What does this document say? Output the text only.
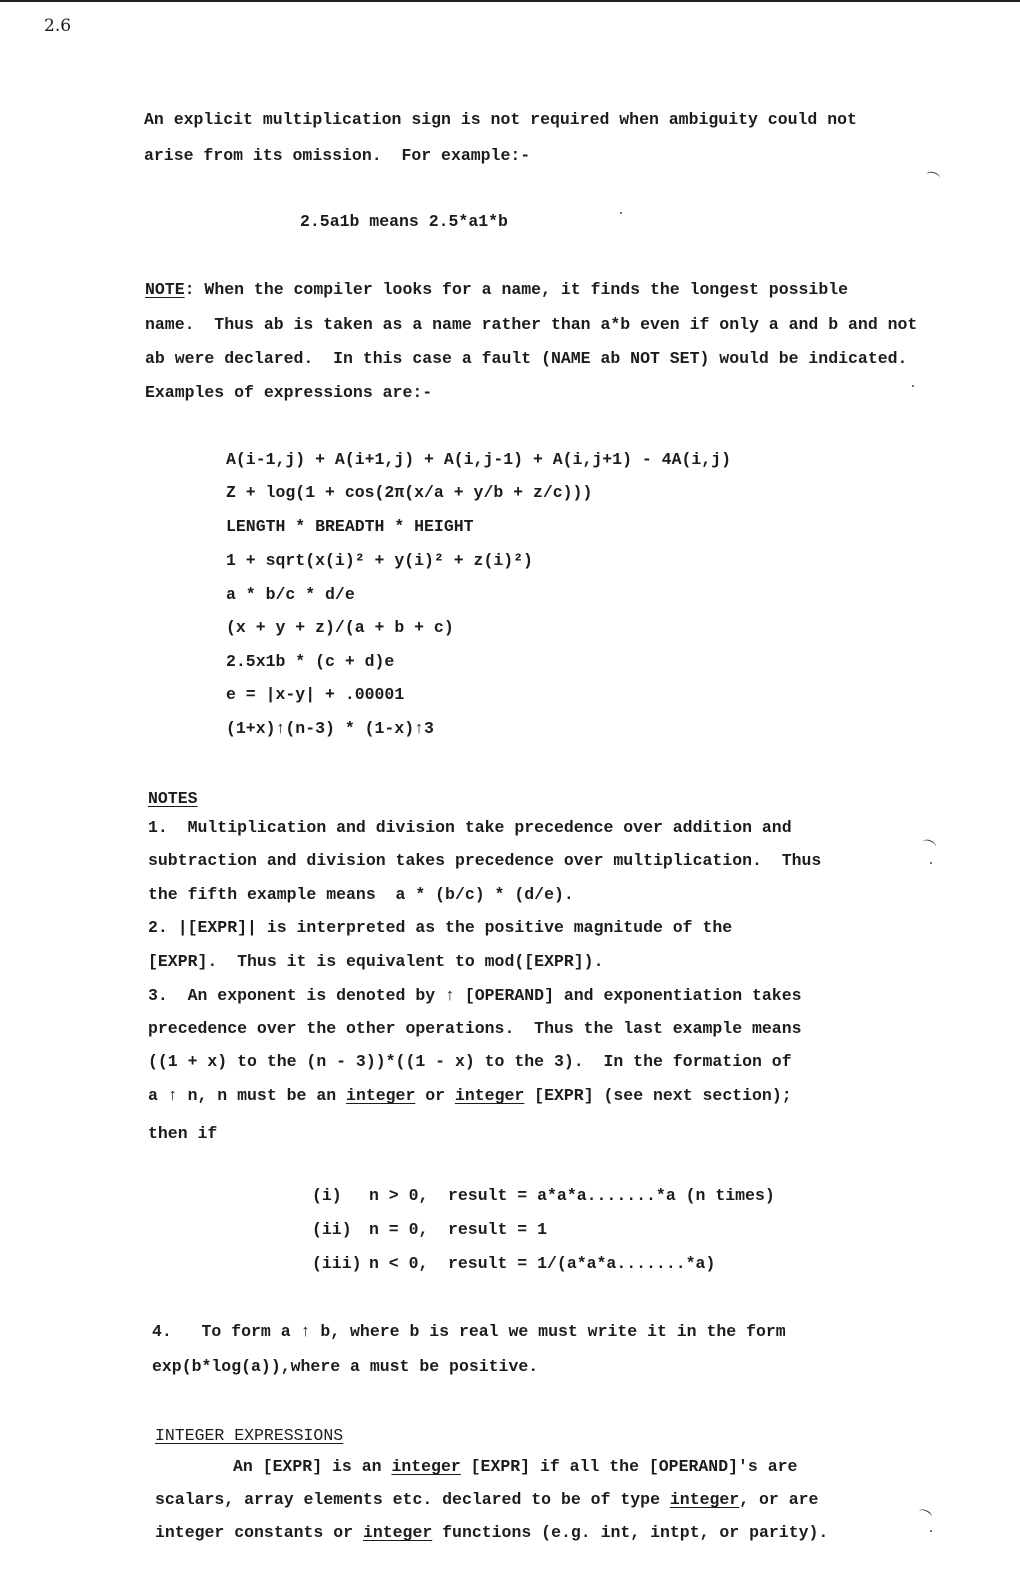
2.6
An explicit multiplication sign is not required when ambiguity could not
arise from its omission.  For example:-
2.5a1b means 2.5*a1*b
NOTE: When the compiler looks for a name, it finds the longest possible
name.  Thus ab is taken as a name rather than a*b even if only a and b and not
ab were declared.  In this case a fault (NAME ab NOT SET) would be indicated.
Examples of expressions are:-
A(i-1,j) + A(i+1,j) + A(i,j-1) + A(i,j+1) - 4A(i,j)
Z + log(1 + cos(2π(x/a + y/b + z/c)))
LENGTH * BREADTH * HEIGHT
1 + sqrt(x(i)² + y(i)² + z(i)²)
a * b/c * d/e
(x + y + z)/(a + b + c)
2.5x1b * (c + d)e
e = |x-y| + .00001
(1+x)↑(n-3) * (1-x)↑3
NOTES
1.  Multiplication and division take precedence over addition and
subtraction and division takes precedence over multiplication.  Thus
the fifth example means  a * (b/c) * (d/e).
2. |[EXPR]| is interpreted as the positive magnitude of the
[EXPR].  Thus it is equivalent to mod([EXPR]).
3.  An exponent is denoted by ↑ [OPERAND] and exponentiation takes
precedence over the other operations.  Thus the last example means
((1 + x) to the (n - 3))*((1 - x) to the 3).  In the formation of
a ↑ n, n must be an integer or integer [EXPR] (see next section);
then if
(i) n > 0, result = a*a*a.......*a (n times)
(ii) n = 0, result = 1
(iii) n < 0, result = 1/(a*a*a.......*a)
4.   To form a ↑ b, where b is real we must write it in the form
exp(b*log(a)),where a must be positive.
INTEGER EXPRESSIONS
An [EXPR] is an integer [EXPR] if all the [OPERAND]'s are
scalars, array elements etc. declared to be of type integer, or are
integer constants or integer functions (e.g. int, intpt, or parity).
